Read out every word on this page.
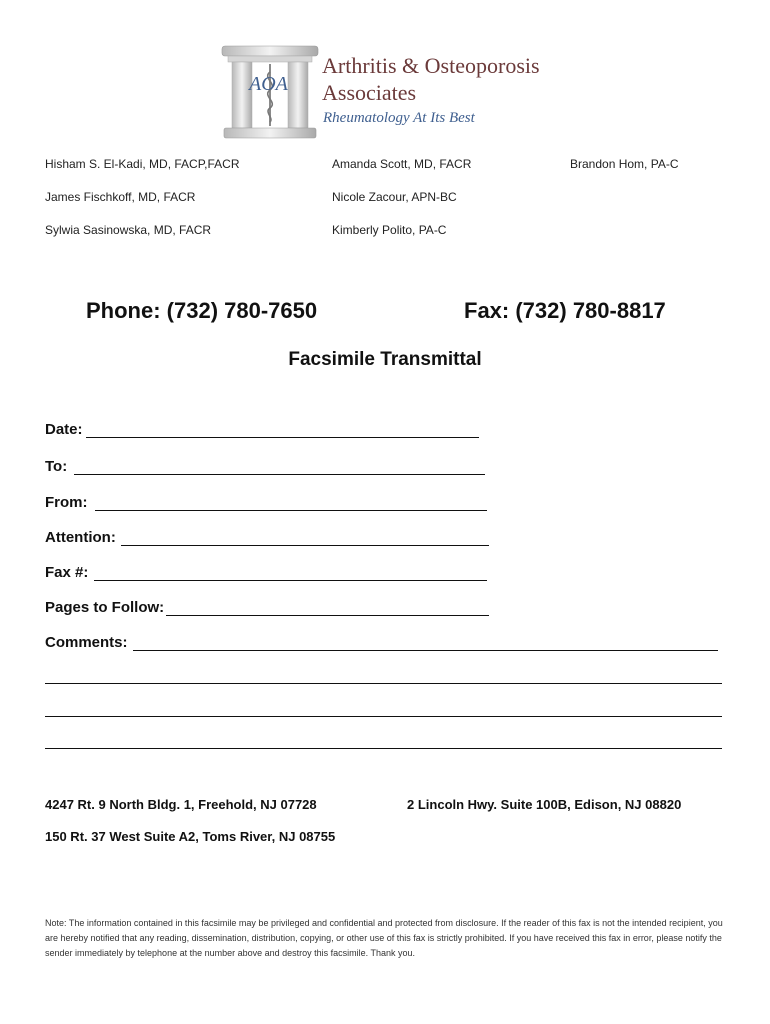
AOA
Arthritis & Osteoporosis
Associates
Rheumatology At Its Best
Hisham S. El-Kadi, MD, FACP,FACR
James Fischkoff, MD, FACR
Sylwia Sasinowska, MD, FACR
Amanda Scott, MD, FACR
Nicole Zacour, APN-BC
Kimberly Polito, PA-C
Brandon Hom, PA-C
Phone: (732) 780-7650	Fax: (732) 780-8817
Facsimile Transmittal
Date:
To:
From:
Attention:
Fax #:
Pages to Follow:
Comments:
4247 Rt. 9 North Bldg. 1, Freehold, NJ 07728	2 Lincoln Hwy. Suite 100B, Edison, NJ 08820
150 Rt. 37 West Suite A2, Toms River, NJ 08755
Note: The information contained in this facsimile may be privileged and confidential and protected from disclosure. If the reader of this fax is not the intended recipient, you are hereby notified that any reading, dissemination, distribution, copying, or other use of this fax is strictly prohibited. If you have received this fax in error, please notify the sender immediately by telephone at the number above and destroy this facsimile. Thank you.
